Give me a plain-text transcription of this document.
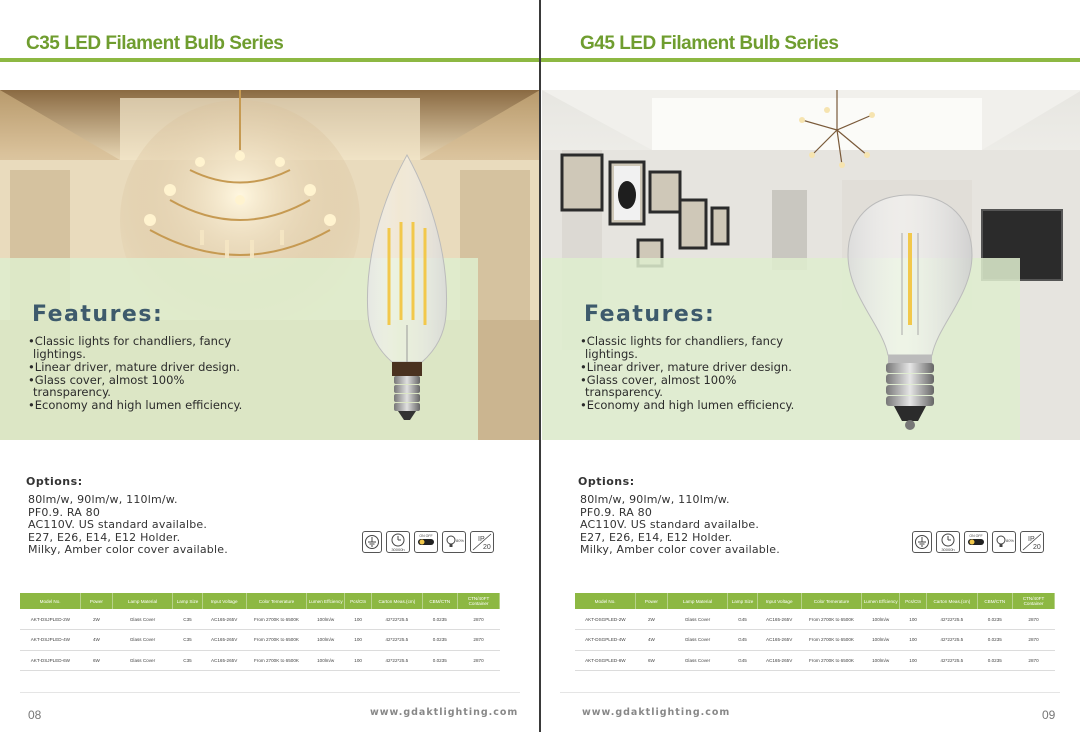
C35 LED Filament Bulb Series
Features:
•Classic lights for chandliers, fancy lightings.
•Linear driver, mature driver design.
•Glass cover, almost 100% transparency.
•Economy and high lumen efficiency.
Options:
80lm/w, 90lm/w, 110lm/w.
PF0.9. RA 80
AC110V. US standard availalbe.
E27, E26, E14, E12 Holder.
Milky, Amber color cover available.	30000h
ON OFF
80% IP
20
Model No.	Power	Lamp Material	Lamp Size	Input Voltage	Color Temerature	Lumen Effciency	Pcs/Ctn	Carton Meas.(cm)	CBM/CTN	CTN/40FT Container
AKT-DSJPLED-2W	2W	Glass Cover	C35	AC165-265V	From 2700K to 6500K	100lm/w	100	42*22*25.5	0.0235	2870
AKT-DSJPLED-4W	4W	Glass Cover	C35	AC165-265V	From 2700K to 6500K	100lm/w	100	42*22*25.5	0.0235	2870
AKT-DSJPLED-6W	6W	Glass Cover	C35	AC165-265V	From 2700K to 6500K	100lm/w	100	42*22*25.5	0.0235	2870
08	www.gdaktlighting.com
G45 LED Filament Bulb Series
Features:
•Classic lights for chandliers, fancy lightings.
•Linear driver, mature driver design.
•Glass cover, almost 100% transparency.
•Economy and high lumen efficiency.
Options:
80lm/w, 90lm/w, 110lm/w.
PF0.9. RA 80
AC110V. US standard availalbe.
E27, E26, E14, E12 Holder.
Milky, Amber color cover available.	30000h
ON OFF
80% IP
20
Model No.	Power	Lamp Material	Lamp Size	Input Voltage	Color Temerature	Lumen Effciency	Pcs/Ctn	Carton Meas.(cm)	CBM/CTN	CTN/40FT Container
AKT-DSGPLED-2W	2W	Glass Cover	G45	AC165-265V	From 2700K to 6500K	100lm/w	100	42*22*25.5	0.0235	2870
AKT-DSGPLED-4W	4W	Glass Cover	G45	AC165-265V	From 2700K to 6500K	100lm/w	100	42*22*25.5	0.0235	2870
AKT-DSGPLED-6W	6W	Glass Cover	G45	AC165-265V	From 2700K to 6500K	100lm/w	100	42*22*25.5	0.0235	2870
09
www.gdaktlighting.com
